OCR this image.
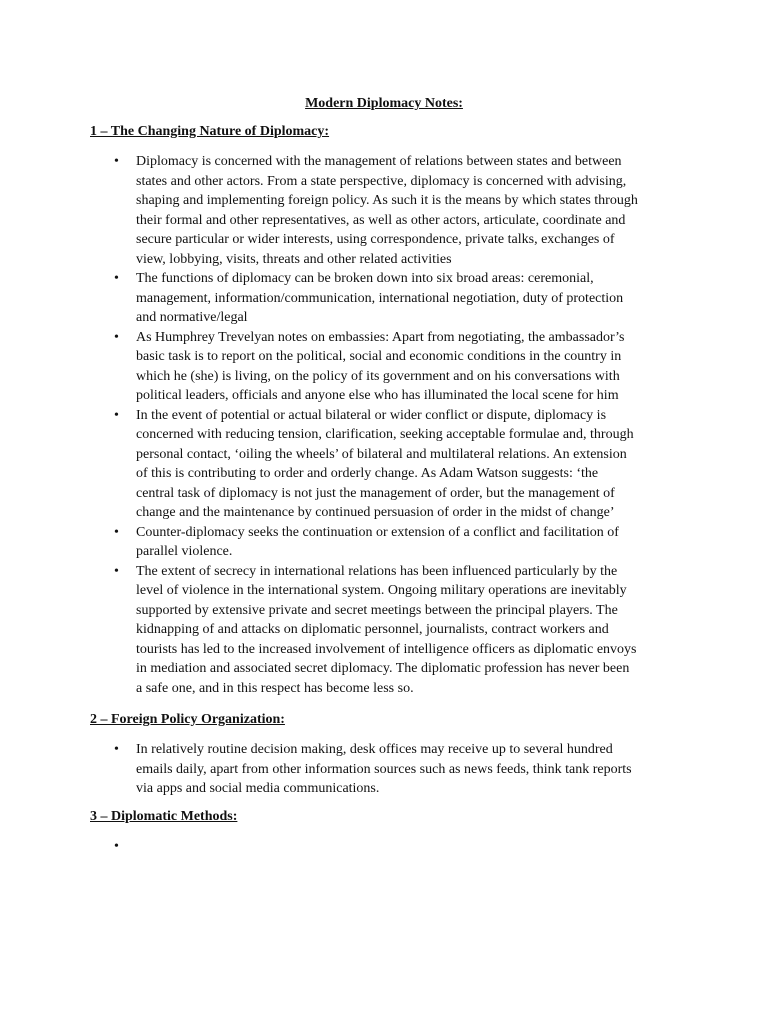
Modern Diplomacy Notes:
1 – The Changing Nature of Diplomacy:
• Diplomacy is concerned with the management of relations between states and between
states and other actors. From a state perspective, diplomacy is concerned with advising,
shaping and implementing foreign policy. As such it is the means by which states through
their formal and other representatives, as well as other actors, articulate, coordinate and
secure particular or wider interests, using correspondence, private talks, exchanges of
view, lobbying, visits, threats and other related activities
• The functions of diplomacy can be broken down into six broad areas: ceremonial,
management, information/communication, international negotiation, duty of protection
and normative/legal
• As Humphrey Trevelyan notes on embassies: Apart from negotiating, the ambassador’s
basic task is to report on the political, social and economic conditions in the country in
which he (she) is living, on the policy of its government and on his conversations with
political leaders, officials and anyone else who has illuminated the local scene for him
• In the event of potential or actual bilateral or wider conflict or dispute, diplomacy is
concerned with reducing tension, clarification, seeking acceptable formulae and, through
personal contact, ‘oiling the wheels’ of bilateral and multilateral relations. An extension
of this is contributing to order and orderly change. As Adam Watson suggests: ‘the
central task of diplomacy is not just the management of order, but the management of
change and the maintenance by continued persuasion of order in the midst of change’
• Counter-diplomacy seeks the continuation or extension of a conflict and facilitation of
parallel violence.
• The extent of secrecy in international relations has been influenced particularly by the
level of violence in the international system. Ongoing military operations are inevitably
supported by extensive private and secret meetings between the principal players. The
kidnapping of and attacks on diplomatic personnel, journalists, contract workers and
tourists has led to the increased involvement of intelligence officers as diplomatic envoys
in mediation and associated secret diplomacy. The diplomatic profession has never been
a safe one, and in this respect has become less so.
2 – Foreign Policy Organization:
• In relatively routine decision making, desk offices may receive up to several hundred
emails daily, apart from other information sources such as news feeds, think tank reports
via apps and social media communications.
3 – Diplomatic Methods:
•
